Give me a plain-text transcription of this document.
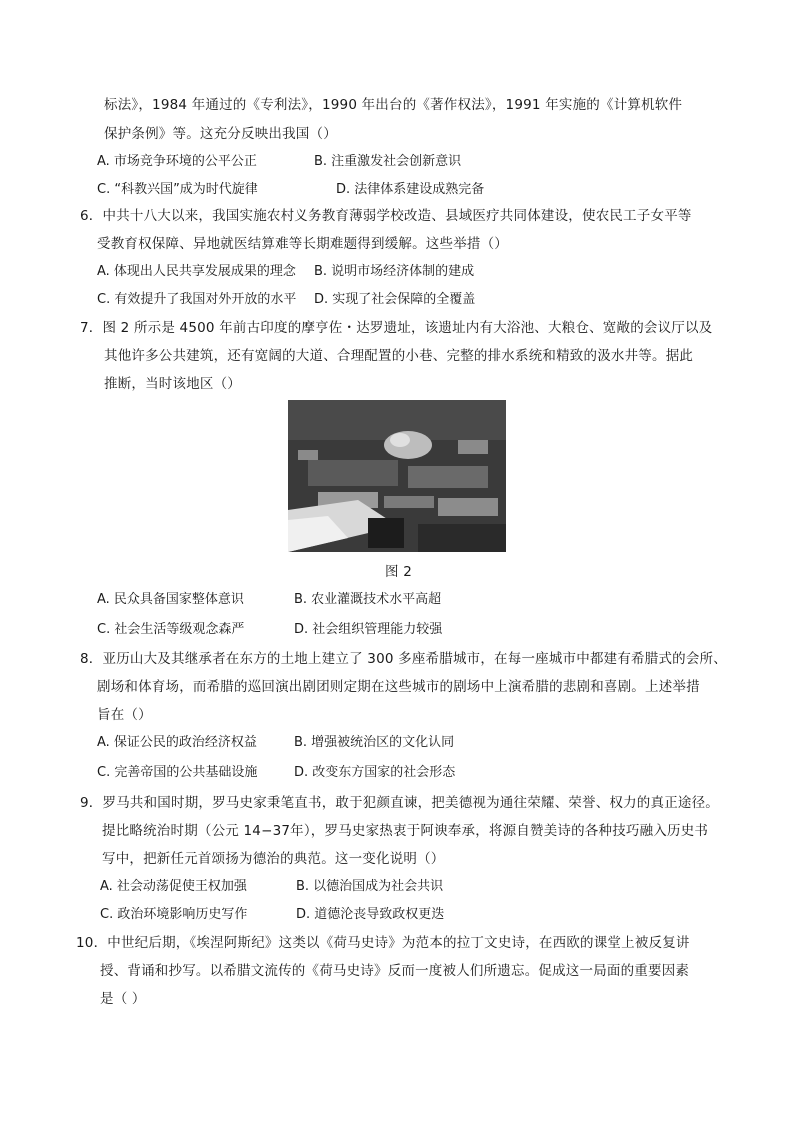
标法》，1984 年通过的《专利法》，1990 年出台的《著作权法》，1991 年实施的《计算机软件
保护条例》等。这充分反映出我国（）
A. 市场竞争环境的公平公正	B. 注重激发社会创新意识
C. “科教兴国”成为时代旋律	D. 法律体系建设成熟完备
6．中共十八大以来，我国实施农村义务教育薄弱学校改造、县域医疗共同体建设，使农民工子女平等
受教育权保障、异地就医结算难等长期难题得到缓解。这些举措（）
A. 体现出人民共享发展成果的理念 B. 说明市场经济体制的建成
C. 有效提升了我国对外开放的水平 D. 实现了社会保障的全覆盖
7．图 2 所示是 4500 年前古印度的摩亨佐・达罗遗址，该遗址内有大浴池、大粮仓、宽敞的会议厅以及
其他许多公共建筑，还有宽阔的大道、合理配置的小巷、完整的排水系统和精致的汲水井等。据此
推断，当时该地区（）
图 2
A. 民众具备国家整体意识	B. 农业灌溉技术水平高超
C. 社会生活等级观念森严	D. 社会组织管理能力较强
8．亚历山大及其继承者在东方的土地上建立了 300 多座希腊城市，在每一座城市中都建有希腊式的会所、
剧场和体育场，而希腊的巡回演出剧团则定期在这些城市的剧场中上演希腊的悲剧和喜剧。上述举措
旨在（）
A. 保证公民的政治经济权益	B. 增强被统治区的文化认同
C. 完善帝国的公共基础设施	D. 改变东方国家的社会形态
9．罗马共和国时期，罗马史家秉笔直书，敢于犯颜直谏，把美德视为通往荣耀、荣誉、权力的真正途径。
提比略统治时期（公元 14−37年），罗马史家热衷于阿谀奉承，将源自赞美诗的各种技巧融入历史书
写中，把新任元首颂扬为德治的典范。这一变化说明（）
A. 社会动荡促使王权加强	B. 以德治国成为社会共识
C. 政治环境影响历史写作	D. 道德沦丧导致政权更迭
10．中世纪后期，《埃涅阿斯纪》这类以《荷马史诗》为范本的拉丁文史诗，在西欧的课堂上被反复讲
授、背诵和抄写。以希腊文流传的《荷马史诗》反而一度被人们所遗忘。促成这一局面的重要因素
是（ ）
